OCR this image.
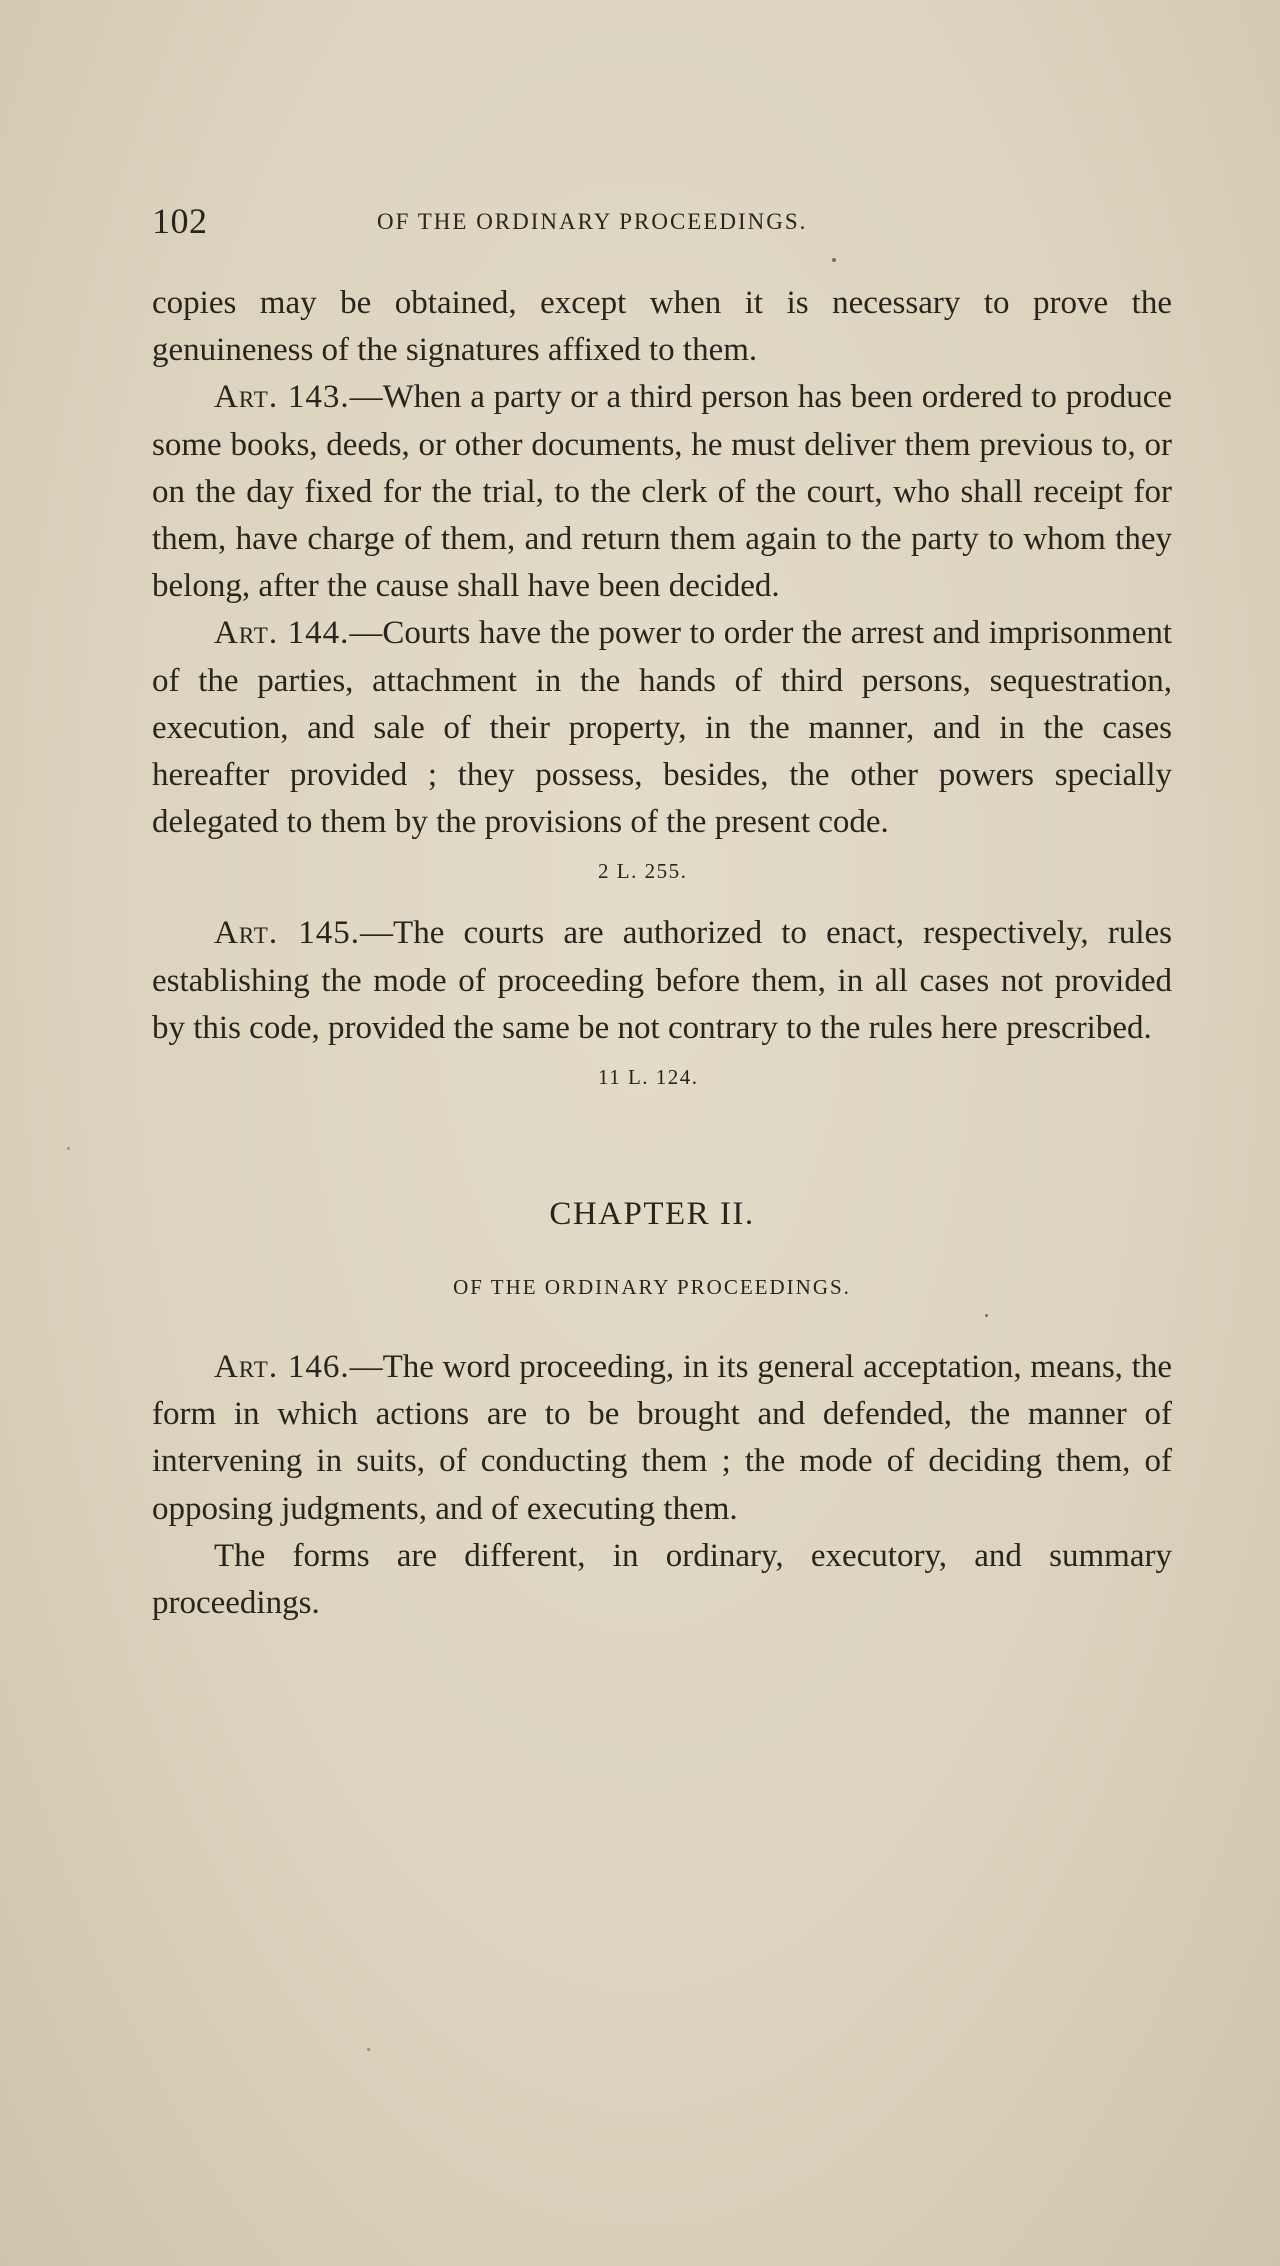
102	OF THE ORDINARY PROCEEDINGS.

copies may be obtained, except when it is necessary to prove the genuineness of the signatures affixed to them.

Art. 143.—When a party or a third person has been ordered to produce some books, deeds, or other documents, he must deliver them previous to, or on the day fixed for the trial, to the clerk of the court, who shall receipt for them, have charge of them, and return them again to the party to whom they belong, after the cause shall have been decided.

Art. 144.—Courts have the power to order the arrest and imprisonment of the parties, attachment in the hands of third persons, sequestration, execution, and sale of their property, in the manner, and in the cases hereafter provided ; they possess, besides, the other powers specially delegated to them by the provisions of the present code.

2 L. 255.

Art. 145.—The courts are authorized to enact, respectively, rules establishing the mode of proceeding before them, in all cases not provided by this code, provided the same be not contrary to the rules here prescribed.

11 L. 124.
CHAPTER II.
OF THE ORDINARY PROCEEDINGS.

Art. 146.—The word proceeding, in its general acceptation, means, the form in which actions are to be brought and defended, the manner of intervening in suits, of conducting them ; the mode of deciding them, of opposing judgments, and of executing them.

The forms are different, in ordinary, executory, and summary proceedings.
